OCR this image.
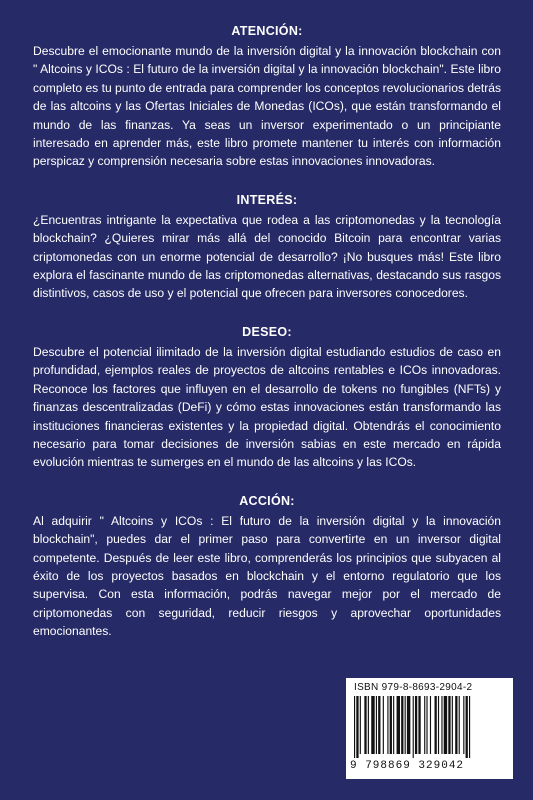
ATENCIÓN:

Descubre el emocionante mundo de la inversión digital y la innovación blockchain con " Altcoins y ICOs : El futuro de la inversión digital y la innovación blockchain". Este libro completo es tu punto de entrada para comprender los conceptos revolucionarios detrás de las altcoins y las Ofertas Iniciales de Monedas (ICOs), que están transformando el mundo de las finanzas. Ya seas un inversor experimentado o un principiante interesado en aprender más, este libro promete mantener tu interés con información perspicaz y comprensión necesaria sobre estas innovaciones innovadoras.

INTERÉS:

¿Encuentras intrigante la expectativa que rodea a las criptomonedas y la tecnología blockchain? ¿Quieres mirar más allá del conocido Bitcoin para encontrar varias criptomonedas con un enorme potencial de desarrollo? ¡No busques más! Este libro explora el fascinante mundo de las criptomonedas alternativas, destacando sus rasgos distintivos, casos de uso y el potencial que ofrecen para inversores conocedores.

DESEO:

Descubre el potencial ilimitado de la inversión digital estudiando estudios de caso en profundidad, ejemplos reales de proyectos de altcoins rentables e ICOs innovadoras. Reconoce los factores que influyen en el desarrollo de tokens no fungibles (NFTs) y finanzas descentralizadas (DeFi) y cómo estas innovaciones están transformando las instituciones financieras existentes y la propiedad digital. Obtendrás el conocimiento necesario para tomar decisiones de inversión sabias en este mercado en rápida evolución mientras te sumerges en el mundo de las altcoins y las ICOs.

ACCIÓN:

Al adquirir " Altcoins y ICOs : El futuro de la inversión digital y la innovación blockchain", puedes dar el primer paso para convertirte en un inversor digital competente. Después de leer este libro, comprenderás los principios que subyacen al éxito de los proyectos basados en blockchain y el entorno regulatorio que los supervisa. Con esta información, podrás navegar mejor por el mercado de criptomonedas con seguridad, reducir riesgos y aprovechar oportunidades emocionantes.

ISBN 979-8-8693-2904-2
9 798869 329042
